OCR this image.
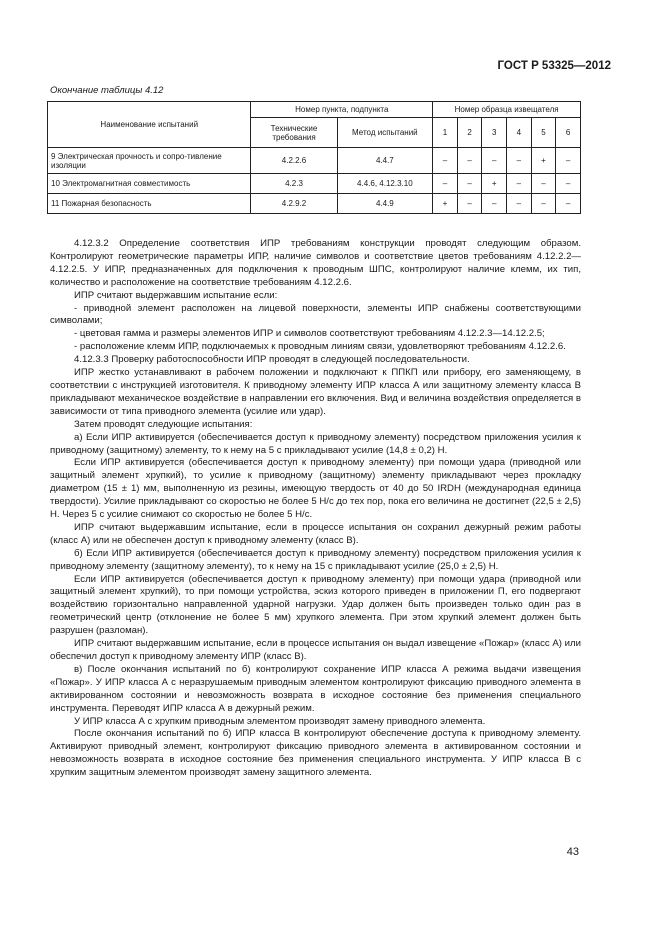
ГОСТ Р 53325—2012
Окончание таблицы 4.12
Наименование испытаний	Номер пункта, подпункта		Номер образца извещателя					
	Технические требования	Метод испытаний	1	2	3	4	5	6
9 Электрическая прочность и сопро-тивление изоляции	4.2.2.6	4.4.7	–	–	–	–	+	–
10 Электромагнитная совместимость	4.2.3	4.4.6, 4.12.3.10	–	–	+	–	–	–
11 Пожарная безопасность	4.2.9.2	4.4.9	+	–	–	–	–	–

4.12.3.2 Определение соответствия ИПР требованиям конструкции проводят следующим образом. Контролируют геометрические параметры ИПР, наличие символов и соответствие цветов требованиям 4.12.2.2—4.12.2.5. У ИПР, предназначенных для подключения к проводным ШПС, контролируют наличие клемм, их тип, количество и расположение на соответствие требованиям 4.12.2.6.

ИПР считают выдержавшим испытание если:

- приводной элемент расположен на лицевой поверхности, элементы ИПР снабжены соответствующими символами;

- цветовая гамма и размеры элементов ИПР и символов соответствуют требованиям 4.12.2.3—14.12.2.5;

- расположение клемм ИПР, подключаемых к проводным линиям связи, удовлетворяют требованиям 4.12.2.6.

4.12.3.3 Проверку работоспособности ИПР проводят в следующей последовательности.

ИПР жестко устанавливают в рабочем положении и подключают к ППКП или прибору, его заменяющему, в соответствии с инструкцией изготовителя. К приводному элементу ИПР класса А или защитному элементу класса В прикладывают механическое воздействие в направлении его включения. Вид и величина воздействия определяется в зависимости от типа приводного элемента (усилие или удар).

Затем проводят следующие испытания:

а) Если ИПР активируется (обеспечивается доступ к приводному элементу) посредством приложения усилия к приводному (защитному) элементу, то к нему на 5 с прикладывают усилие (14,8 ± 0,2) Н.

Если ИПР активируется (обеспечивается доступ к приводному элементу) при помощи удара (приводной или защитный элемент хрупкий), то усилие к приводному (защитному) элементу прикладывают через прокладку диаметром (15 ± 1) мм, выполненную из резины, имеющую твердость от 40 до 50 IRDH (международная единица твердости). Усилие прикладывают со скоростью не более 5 Н/с до тех пор, пока его величина не достигнет (22,5 ± 2,5) Н. Через 5 с усилие снимают со скоростью не более 5 Н/с.

ИПР считают выдержавшим испытание, если в процессе испытания он сохранил дежурный режим работы (класс А) или не обеспечен доступ к приводному элементу (класс В).

б) Если ИПР активируется (обеспечивается доступ к приводному элементу) посредством приложения усилия к приводному элементу (защитному элементу), то к нему на 15 с прикладывают усилие (25,0 ± 2,5) Н.

Если ИПР активируется (обеспечивается доступ к приводному элементу) при помощи удара (приводной или защитный элемент хрупкий), то при помощи устройства, эскиз которого приведен в приложении П, его подвергают воздействию горизонтально направленной ударной нагрузки. Удар должен быть произведен только один раз в геометрический центр (отклонение не более 5 мм) хрупкого элемента. При этом хрупкий элемент должен быть разрушен (разломан).

ИПР считают выдержавшим испытание, если в процессе испытания он выдал извещение «Пожар» (класс А) или обеспечил доступ к приводному элементу ИПР (класс В).

в) После окончания испытаний по б) контролируют сохранение ИПР класса А режима выдачи извещения «Пожар». У ИПР класса А с неразрушаемым приводным элементом контролируют фиксацию приводного элемента в активированном состоянии и невозможность возврата в исходное состояние без применения специального инструмента. Переводят ИПР класса А в дежурный режим.

У ИПР класса А с хрупким приводным элементом производят замену приводного элемента.

После окончания испытаний по б) ИПР класса В контролируют обеспечение доступа к приводному элементу. Активируют приводный элемент, контролируют фиксацию приводного элемента в активированном состоянии и невозможность возврата в исходное состояние без применения специального инструмента. У ИПР класса В с хрупким защитным элементом производят замену защитного элемента.

43
